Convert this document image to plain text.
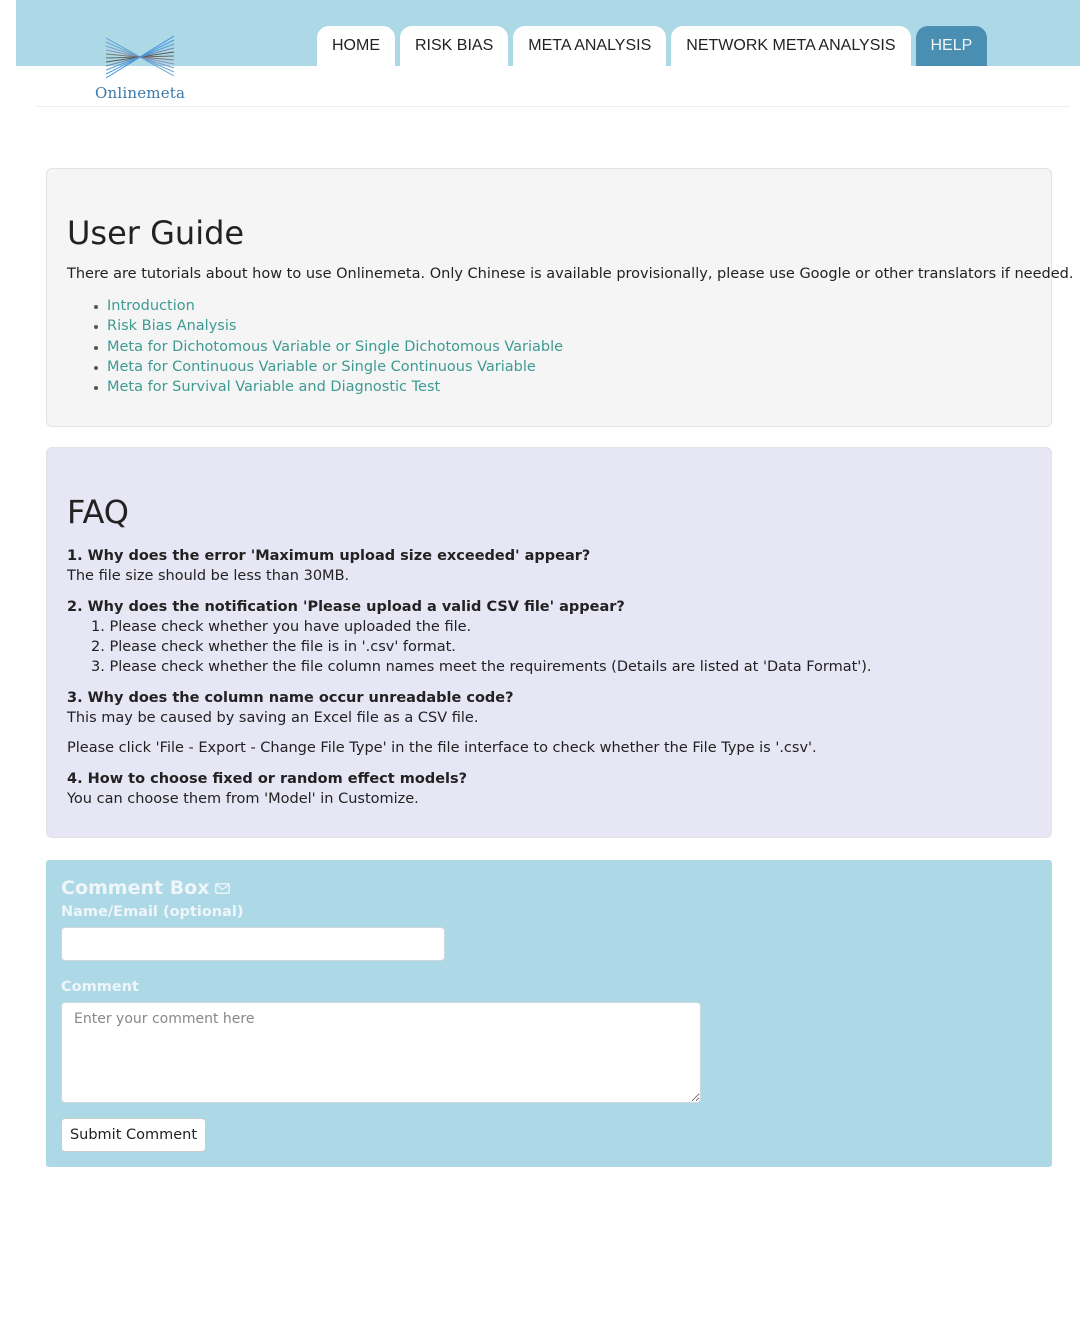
Onlinemeta
HOME	RISK BIAS	META ANALYSIS	NETWORK META ANALYSIS	HELP
User Guide

There are tutorials about how to use Onlinemeta. Only Chinese is available provisionally, please use Google or other translators if needed.

Introduction
Risk Bias Analysis
Meta for Dichotomous Variable or Single Dichotomous Variable
Meta for Continuous Variable or Single Continuous Variable
Meta for Survival Variable and Diagnostic Test
FAQ
1. Why does the error 'Maximum upload size exceeded' appear?
The file size should be less than 30MB.
2. Why does the notification 'Please upload a valid CSV file' appear?
1. Please check whether you have uploaded the file.
2. Please check whether the file is in '.csv' format.
3. Please check whether the file column names meet the requirements (Details are listed at 'Data Format').
3. Why does the column name occur unreadable code?
This may be caused by saving an Excel file as a CSV file.
Please click 'File - Export - Change File Type' in the file interface to check whether the File Type is '.csv'.
4. How to choose fixed or random effect models?
You can choose them from 'Model' in Customize.
Comment Box
Name/Email (optional)
Comment
Enter your comment here
Submit Comment
